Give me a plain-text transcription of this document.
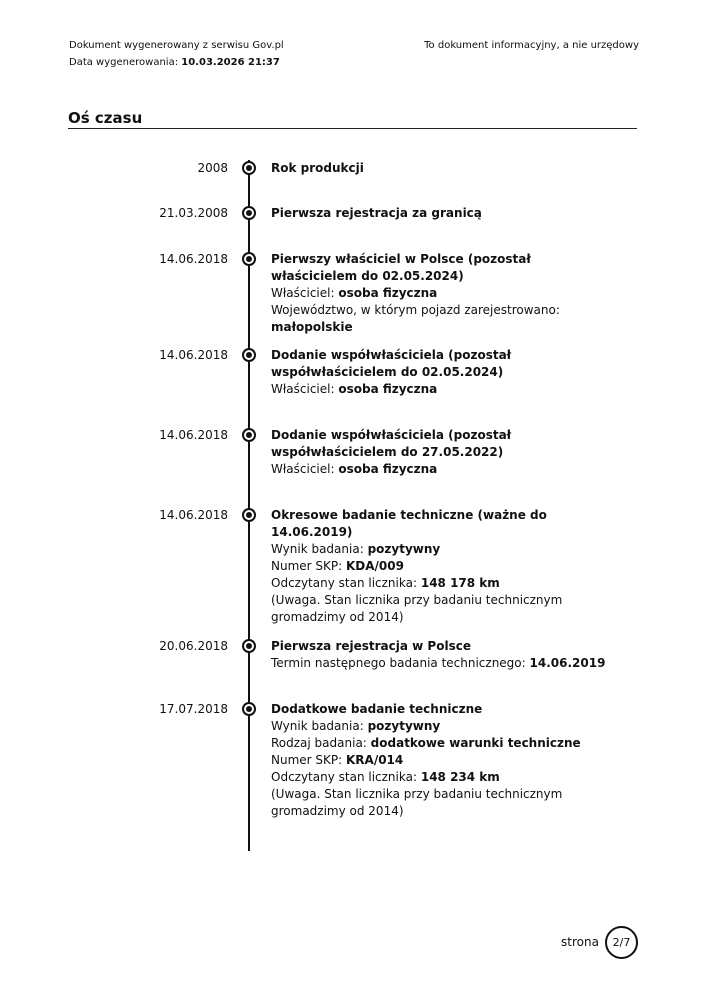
Dokument wygenerowany z serwisu Gov.pl
Data wygenerowania: 10.03.2026 21:37
To dokument informacyjny, a nie urzędowy
Oś czasu
2008	Rok produkcji
21.03.2008	Pierwsza rejestracja za granicą
14.06.2018	Pierwszy właściciel w Polsce (pozostał właścicielem do 02.05.2024)
Właściciel: osoba fizyczna
Województwo, w którym pojazd zarejestrowano: małopolskie
14.06.2018	Dodanie współwłaściciela (pozostał współwłaścicielem do 02.05.2024)
Właściciel: osoba fizyczna
14.06.2018	Dodanie współwłaściciela (pozostał współwłaścicielem do 27.05.2022)
Właściciel: osoba fizyczna
14.06.2018	Okresowe badanie techniczne (ważne do 14.06.2019)
Wynik badania: pozytywny
Numer SKP: KDA/009
Odczytany stan licznika: 148 178 km
(Uwaga. Stan licznika przy badaniu technicznym gromadzimy od 2014)
20.06.2018	Pierwsza rejestracja w Polsce
Termin następnego badania technicznego: 14.06.2019
17.07.2018	Dodatkowe badanie techniczne
Wynik badania: pozytywny
Rodzaj badania: dodatkowe warunki techniczne
Numer SKP: KRA/014
Odczytany stan licznika: 148 234 km
(Uwaga. Stan licznika przy badaniu technicznym gromadzimy od 2014)
strona 2/7
